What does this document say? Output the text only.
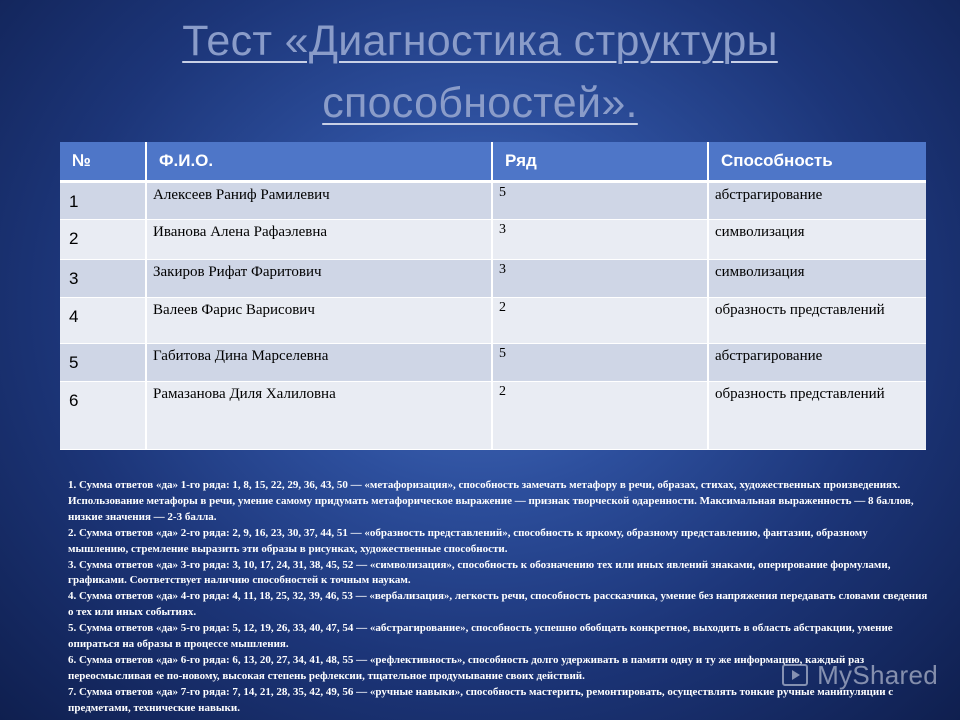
Тест «Диагностика структуры
способностей».
№	Ф.И.О.	Ряд	Способность
1	Алексеев Раниф Рамилевич	5	абстрагирование
2	Иванова Алена Рафаэлевна	3	символизация
3	Закиров Рифат Фаритович	3	символизация
4	Валеев Фарис Варисович	2	образность представлений
5	Габитова Дина Марселевна	5	абстрагирование
6	Рамазанова Диля Халиловна	2	образность представлений

1. Сумма ответов «да» 1-го ряда: 1, 8, 15, 22, 29, 36, 43, 50 — «метафоризация», способность замечать метафору в речи, образах, стихах, художественных произведениях. Использование метафоры в речи, умение самому придумать метафорическое выражение — признак творческой одаренности. Максимальная выраженность — 8 баллов, низкие значения — 2-3 балла.

2. Сумма ответов «да» 2-го ряда: 2, 9, 16, 23, 30, 37, 44, 51 — «образность представлений», способность к яркому, образному представлению, фантазии, образному мышлению, стремление выразить эти образы в рисунках, художественные способности.

3. Сумма ответов «да» 3-го ряда: 3, 10, 17, 24, 31, 38, 45, 52 — «символизация», способность к обозначению тех или иных явлений знаками, оперирование формулами, графиками. Соответствует наличию способностей к точным наукам.

4. Сумма ответов «да» 4-го ряда: 4, 11, 18, 25, 32, 39, 46, 53 — «вербализация», легкость речи, способность рассказчика, умение без напряжения передавать словами сведения о тех или иных событиях.

5. Сумма ответов «да» 5-го ряда: 5, 12, 19, 26, 33, 40, 47, 54 — «абстрагирование», способность успешно обобщать конкретное, выходить в область абстракции, умение опираться на образы в процессе мышления.

6. Сумма ответов «да» 6-го ряда: 6, 13, 20, 27, 34, 41, 48, 55 — «рефлективность», способность долго удерживать в памяти одну и ту же информацию, каждый раз переосмысливая ее по-новому, высокая степень рефлексии, тщательное продумывание своих действий.

7. Сумма ответов «да» 7-го ряда: 7, 14, 21, 28, 35, 42, 49, 56 — «ручные навыки», способность мастерить, ремонтировать, осуществлять тонкие ручные манипуляции с предметами, технические навыки.

MyShared
